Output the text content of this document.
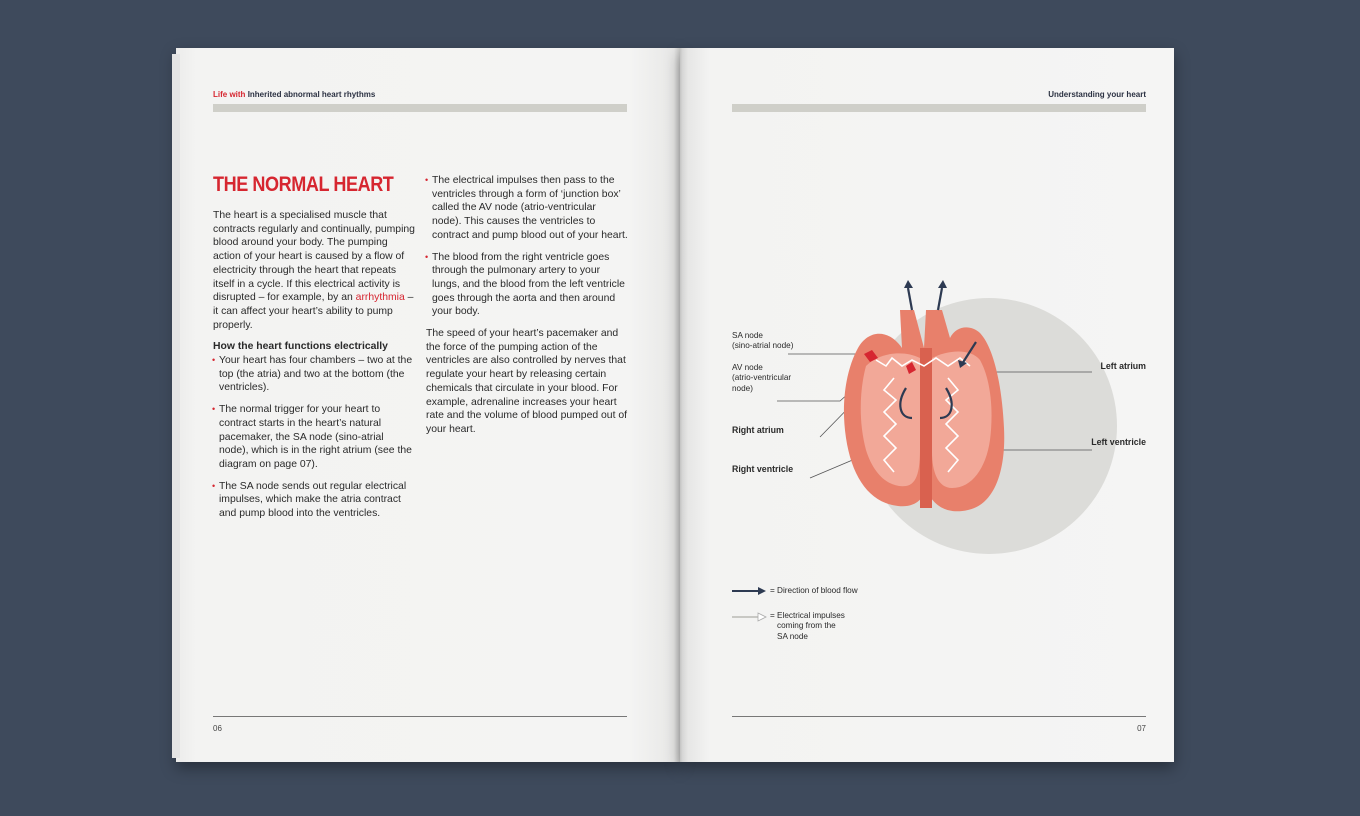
Life with Inherited abnormal heart rhythms
THE NORMAL HEART

The heart is a specialised muscle that contracts regularly and continually, pumping blood around your body. The pumping action of your heart is caused by a flow of electricity through the heart that repeats itself in a cycle. If this electrical activity is disrupted – for example, by an arrhythmia – it can affect your heart’s ability to pump properly.

How the heart functions electrically

• Your heart has four chambers – two at the top (the atria) and two at the bottom (the ventricles).
• The normal trigger for your heart to contract starts in the heart’s natural pacemaker, the SA node (sino-atrial node), which is in the right atrium (see the diagram on page 07).
• The SA node sends out regular electrical impulses, which make the atria contract and pump blood into the ventricles.
• The electrical impulses then pass to the ventricles through a form of ‘junction box’ called the AV node (atrio-ventricular node). This causes the ventricles to contract and pump blood out of your heart.
• The blood from the right ventricle goes through the pulmonary artery to your lungs, and the blood from the left ventricle goes through the aorta and then around your body.

The speed of your heart’s pacemaker and the force of the pumping action of the ventricles are also controlled by nerves that regulate your heart by releasing certain chemicals that circulate in your blood. For example, adrenaline increases your heart rate and the volume of blood pumped out of your heart.

06
Understanding your heart
SA node
(sino-atrial node)
AV node
(atrio-ventricular
node)
Right atrium
Right ventricle
Left atrium
Left ventricle
= Direction of blood flow
= Electrical impulses
coming from the
SA node
07
